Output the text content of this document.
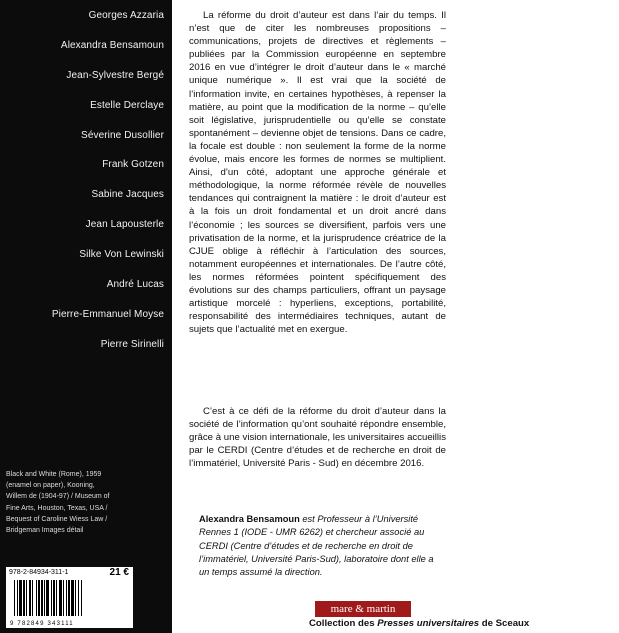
Georges Azzaria
Alexandra Bensamoun
Jean-Sylvestre Bergé
Estelle Derclaye
Séverine Dusollier
Frank Gotzen
Sabine Jacques
Jean Lapousterle
Silke Von Lewinski
André Lucas
Pierre-Emmanuel Moyse
Pierre Sirinelli
Black and White (Rome), 1959
(enamel on paper), Kooning,
Willem de (1904-97) / Museum of
Fine Arts, Houston, Texas, USA /
Bequest of Caroline Wiess Law /
Bridgeman Images détail
978-2-84934-311-1	21 €
9 782849 343111

La réforme du droit d’auteur est dans l’air du temps. Il n’est que de citer les nombreuses propositions – communications, projets de directives et règlements – publiées par la Commission européenne en septembre 2016 en vue d’intégrer le droit d’auteur dans le « marché unique numérique ». Il est vrai que la société de l’information invite, en certaines hypothèses, à repenser la matière, au point que la modification de la norme – qu’elle soit législative, jurisprudentielle ou qu’elle se constate spontanément – devienne objet de tensions. Dans ce cadre, la focale est double : non seulement la forme de la norme évolue, mais encore les formes de normes se multiplient. Ainsi, d’un côté, adoptant une approche générale et méthodologique, la norme réformée révèle de nouvelles tendances qui contraignent la matière : le droit d’auteur est à la fois un droit fondamental et un droit ancré dans l’économie ; les sources se diversifient, parfois vers une privatisation de la norme, et la jurisprudence créatrice de la CJUE oblige à réfléchir à l’articulation des sources, notamment européennes et internationales. De l’autre côté, les normes réformées pointent spécifiquement des évolutions sur des champs particuliers, offrant un paysage artistique morcelé : hyperliens, exceptions, portabilité, responsabilité des intermédiaires techniques, autant de sujets que l’actualité met en exergue.

C’est à ce défi de la réforme du droit d’auteur dans la société de l’information qu’ont souhaité répondre ensemble, grâce à une vision internationale, les universitaires accueillis par le CERDI (Centre d’études et de recherche en droit de l’immatériel, Université Paris - Sud) en décembre 2016.

Alexandra Bensamoun est Professeur à l’Université Rennes 1 (IODE - UMR 6262) et chercheur associé au CERDI (Centre d’études et de recherche en droit de l’immatériel, Université Paris-Sud), laboratoire dont elle a un temps assumé la direction.

mare & martin
Collection des Presses universitaires de Sceaux
